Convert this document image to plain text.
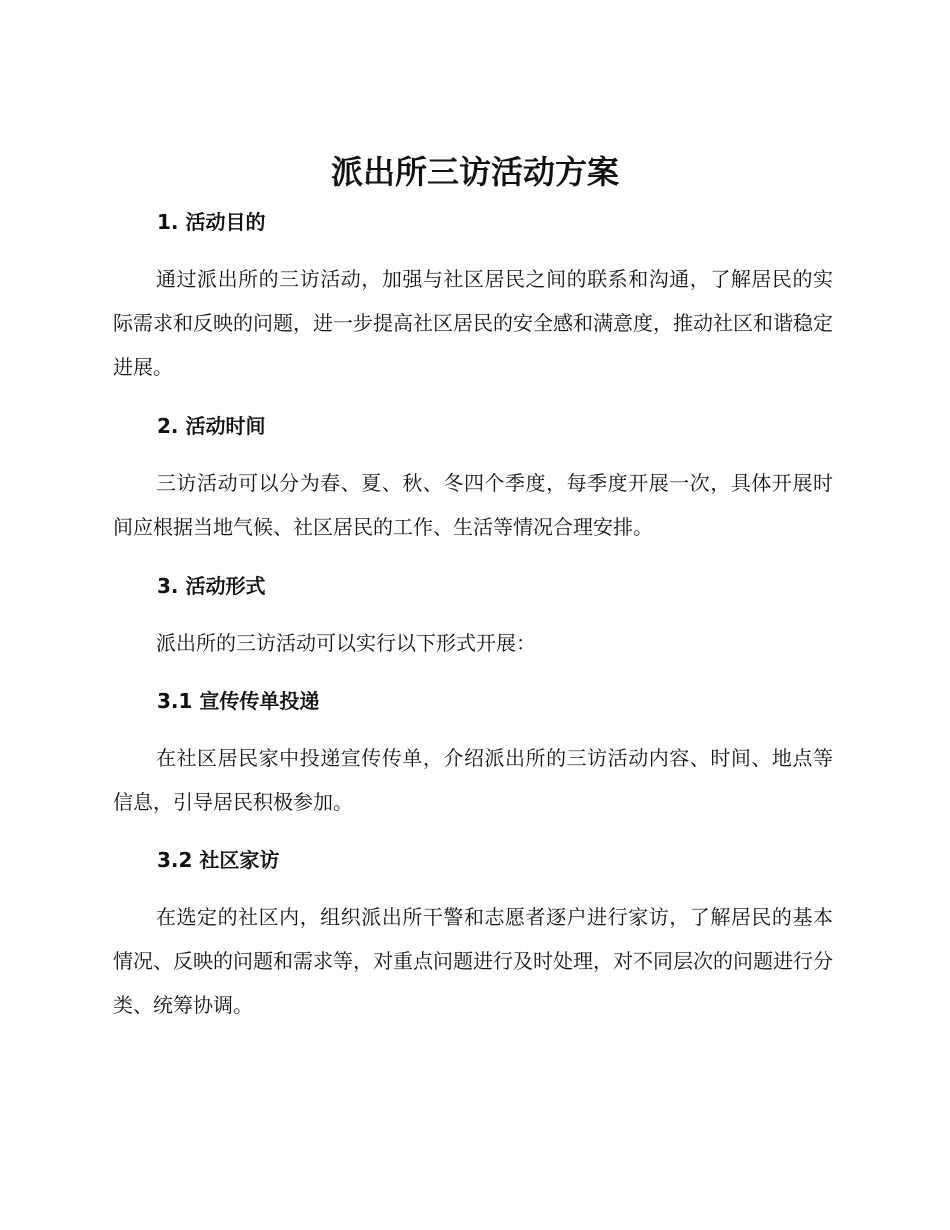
派出所三访活动方案
1. 活动目的

通过派出所的三访活动，加强与社区居民之间的联系和沟通，了解居民的实际需求和反映的问题，进一步提高社区居民的安全感和满意度，推动社区和谐稳定进展。

2. 活动时间

三访活动可以分为春、夏、秋、冬四个季度，每季度开展一次，具体开展时间应根据当地气候、社区居民的工作、生活等情况合理安排。

3. 活动形式

派出所的三访活动可以实行以下形式开展：

3.1 宣传传单投递

在社区居民家中投递宣传传单，介绍派出所的三访活动内容、时间、地点等信息，引导居民积极参加。

3.2 社区家访

在选定的社区内，组织派出所干警和志愿者逐户进行家访，了解居民的基本情况、反映的问题和需求等，对重点问题进行及时处理，对不同层次的问题进行分类、统筹协调。
